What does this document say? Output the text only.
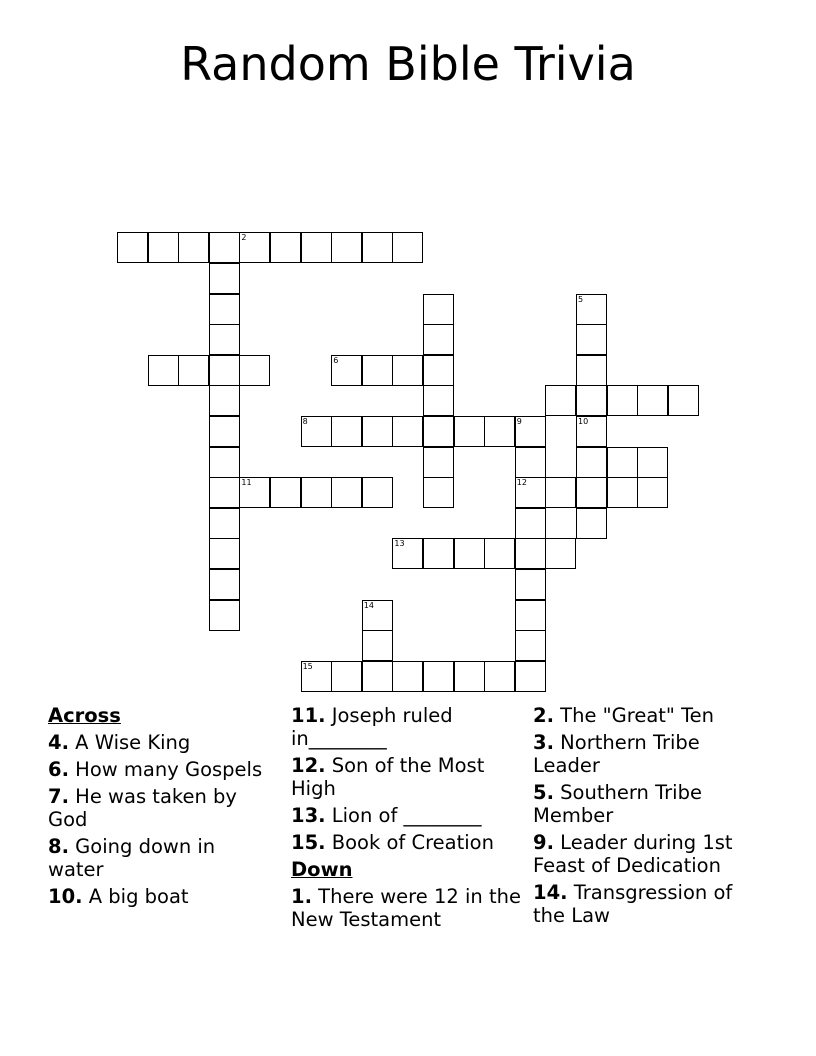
Random Bible Trivia
2
6
5
10
8	9
12
11
13
14
15
Across
4. A Wise King
6. How many Gospels
7. He was taken by God
8. Going down in water
10. A big boat
11. Joseph ruled in________
12. Son of the Most High
13. Lion of ________
15. Book of Creation
Down
1. There were 12 in the New Testament
2. The "Great" Ten
3. Northern Tribe Leader
5. Southern Tribe Member
9. Leader during 1st Feast of Dedication
14. Transgression of the Law
